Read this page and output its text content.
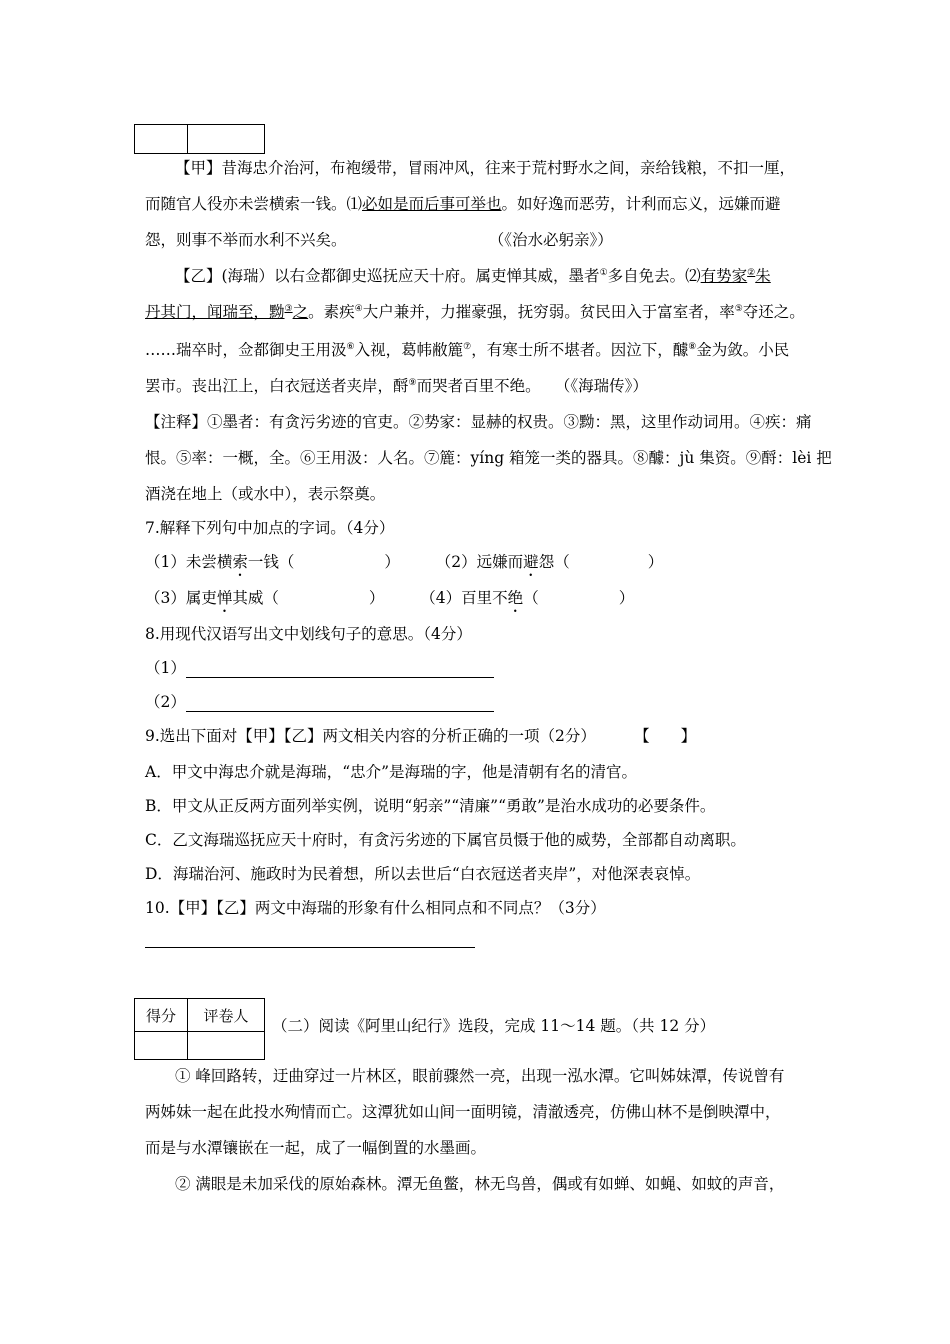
【甲】昔海忠介治河，布袍缓带，冒雨冲风，往来于荒村野水之间，亲给钱粮，不扣一厘，
而随官人役亦未尝横索一钱。⑴必如是而后事可举也。如好逸而恶劳，计利而忘义，远嫌而避
怨，则事不举而水利不兴矣。	（《治水必躬亲》）
【乙】(海瑞）以右佥都御史巡抚应天十府。属吏惮其威，墨者①多自免去。⑵有势家②朱
丹其门，闻瑞至，黝③之。素疾④大户兼并，力摧豪强，抚穷弱。贫民田入于富室者，率⑤夺还之。
……瑞卒时，佥都御史王用汲⑥入视，葛帏敝簏⑦，有寒士所不堪者。因泣下，醵⑧金为敛。小民
罢市。丧出江上，白衣冠送者夹岸，酹⑨而哭者百里不绝。 （《海瑞传》）
【注释】①墨者：有贪污劣迹的官吏。②势家：显赫的权贵。③黝：黑，这里作动词用。④疾：痛
恨。⑤率：一概，全。⑥王用汲：人名。⑦簏：yíng 箱笼一类的器具。⑧醵：jù 集资。⑨酹：lèi 把
酒浇在地上（或水中），表示祭奠。
7.解释下列句中加点的字词。（4分）
（1）未尝横索一钱（	） （2）远嫌而避怨（	）
（3）属吏惮其威（	） （4）百里不绝（	）
8.用现代汉语写出文中划线句子的意思。（4分）
（1）
（2）
9.选出下面对【甲】【乙】两文相关内容的分析正确的一项（2分）	【　　】
A．甲文中海忠介就是海瑞，“忠介”是海瑞的字，他是清朝有名的清官。
B．甲文从正反两方面列举实例，说明“躬亲”“清廉”“勇敢”是治水成功的必要条件。
C．乙文海瑞巡抚应天十府时，有贪污劣迹的下属官员慑于他的威势，全部都自动离职。
D．海瑞治河、施政时为民着想，所以去世后“白衣冠送者夹岸”，对他深表哀悼。
10.【甲】【乙】两文中海瑞的形象有什么相同点和不同点？（3分）
得分	评卷人

（二）阅读《阿里山纪行》选段，完成 11～14 题。（共 12 分）
① 峰回路转，迂曲穿过一片林区，眼前骤然一亮，出现一泓水潭。它叫姊妹潭，传说曾有
两姊妹一起在此投水殉情而亡。这潭犹如山间一面明镜，清澈透亮，仿佛山林不是倒映潭中，
而是与水潭镶嵌在一起，成了一幅倒置的水墨画。
② 满眼是未加采伐的原始森林。潭无鱼鳖，林无鸟兽，偶或有如蝉、如蝇、如蚊的声音，
